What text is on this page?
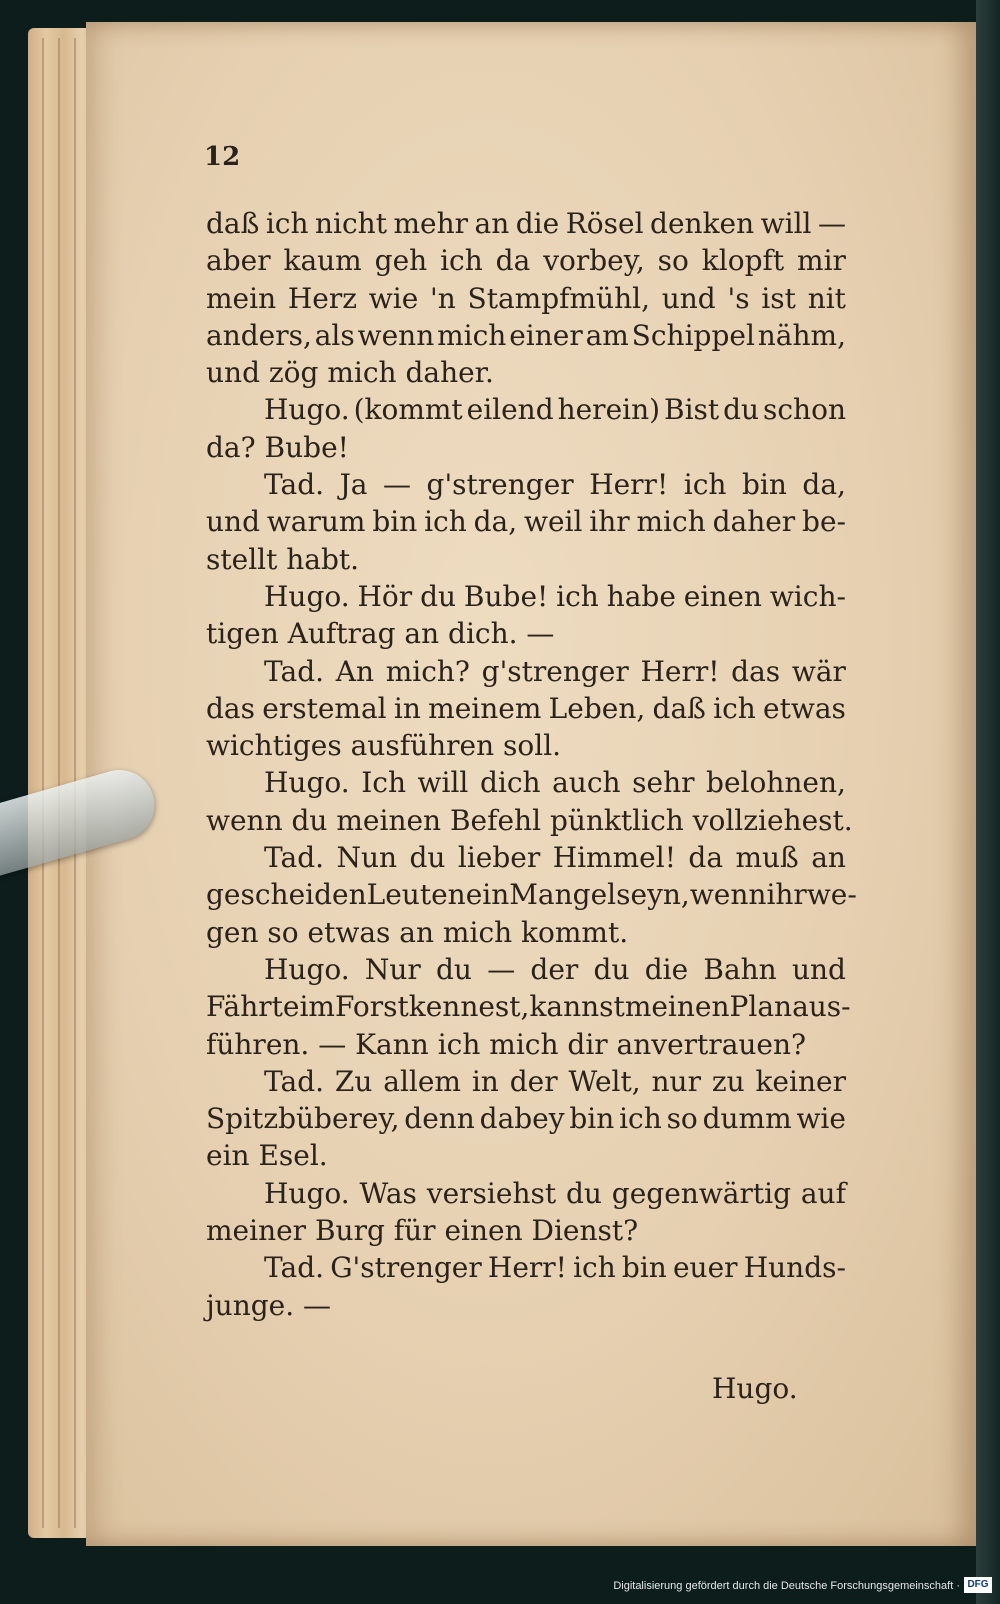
12
daß ich nicht mehr an die Rösel denken will —
aber kaum geh ich da vorbey, so klopft mir
mein Herz wie 'n Stampfmühl, und 's ist nit
anders, als wenn mich einer am Schippel nähm,
und zög mich daher.
Hugo. (kommt eilend herein) Bist du schon
da? Bube!
Tad. Ja — g'strenger Herr! ich bin da,
und warum bin ich da, weil ihr mich daher be-
stellt habt.
Hugo. Hör du Bube! ich habe einen wich-
tigen Auftrag an dich. —
Tad. An mich? g'strenger Herr! das wär
das erstemal in meinem Leben, daß ich etwas
wichtiges ausführen soll.
Hugo. Ich will dich auch sehr belohnen,
wenn du meinen Befehl pünktlich vollziehest.
Tad. Nun du lieber Himmel! da muß an
gescheiden Leuten ein Mangel seyn, wenn ihr we-
gen so etwas an mich kommt.
Hugo. Nur du — der du die Bahn und
Fährte im Forst kennest, kannst meinen Plan aus-
führen. — Kann ich mich dir anvertrauen?
Tad. Zu allem in der Welt, nur zu keiner
Spitzbüberey, denn dabey bin ich so dumm wie
ein Esel.
Hugo. Was versiehst du gegenwärtig auf
meiner Burg für einen Dienst?
Tad. G'strenger Herr! ich bin euer Hunds-
junge. —
Hugo.
Digitalisierung gefördert durch die Deutsche Forschungsgemeinschaft · DFG
